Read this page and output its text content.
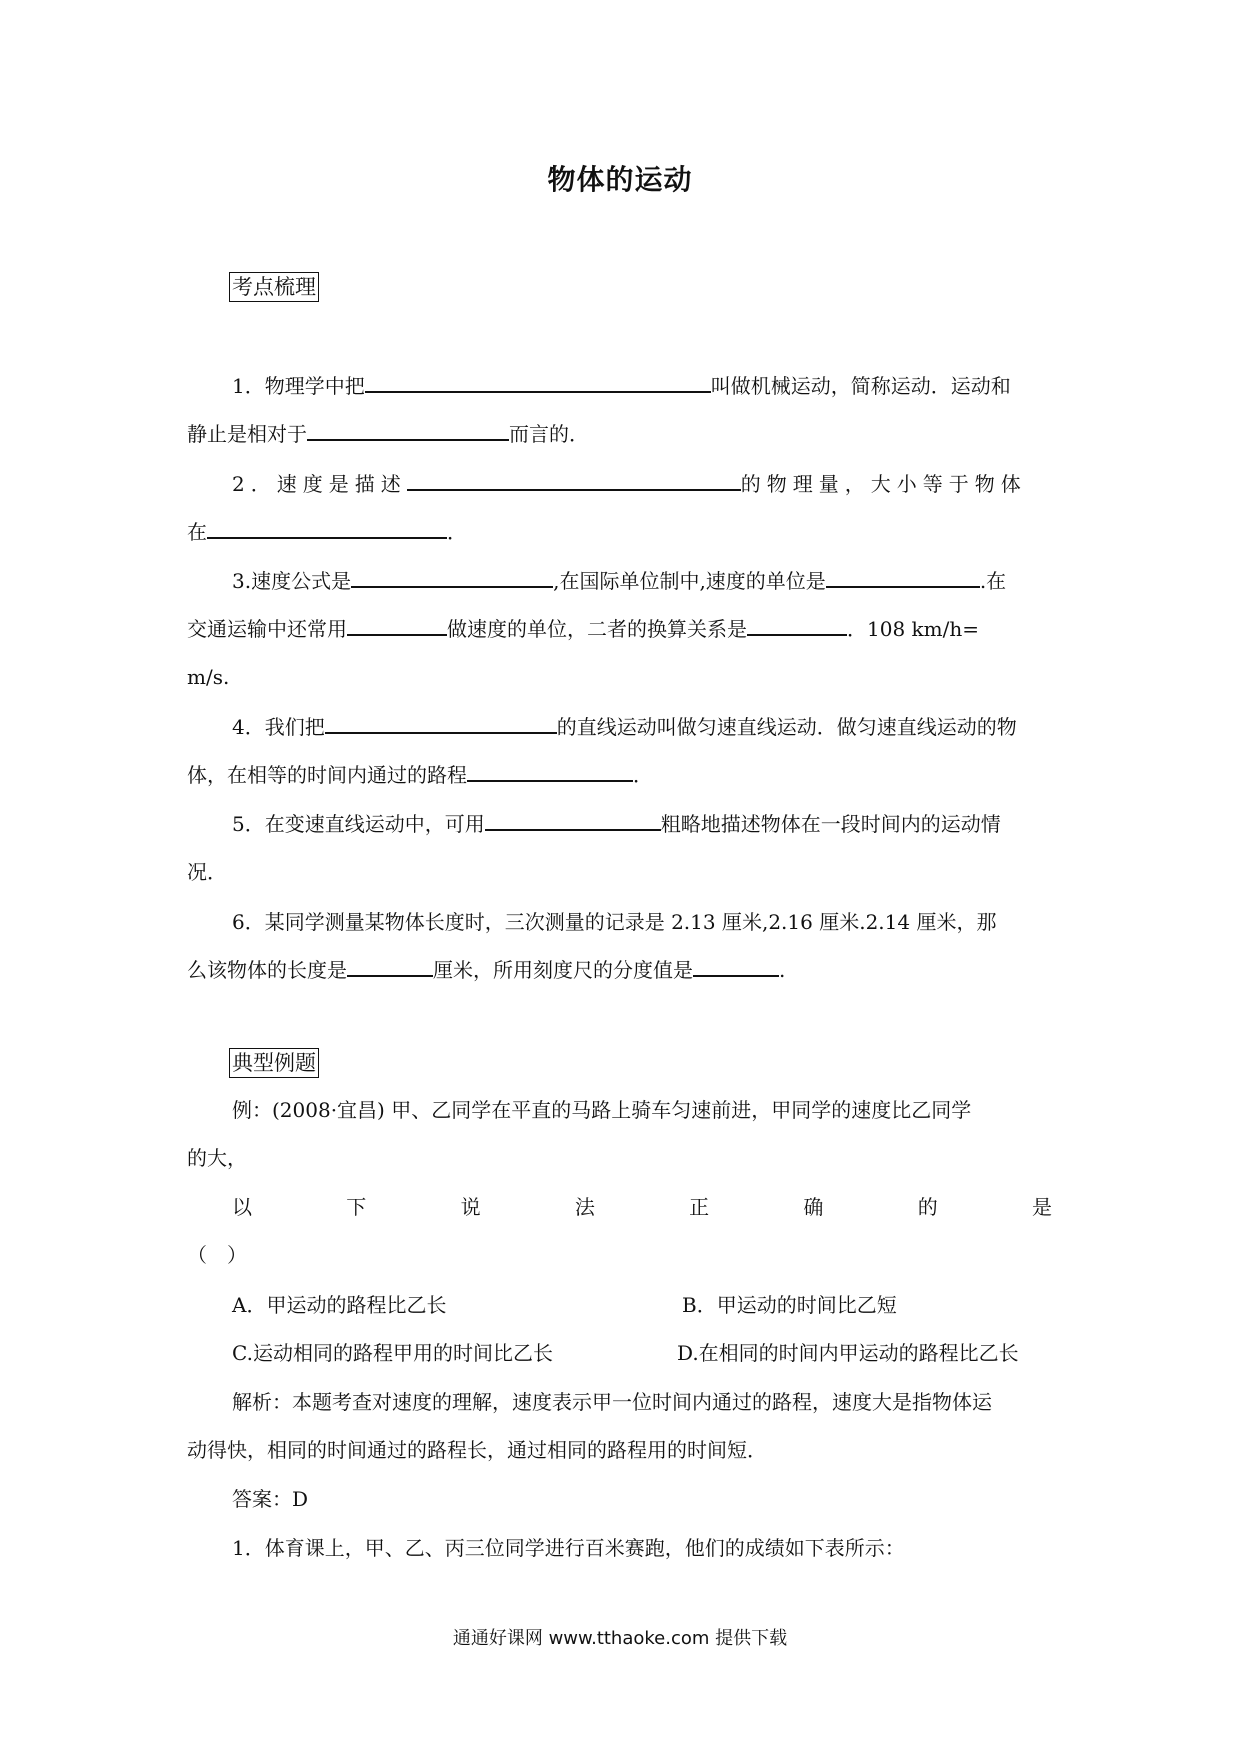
物体的运动
考点梳理
1．物理学中把	叫做机械运动，简称运动．运动和
静止是相对于	而言的．
2．速度是描述	的物理量，大小等于物体
在	．
3.速度公式是	,在国际单位制中,速度的单位是	.在
交通运输中还常用	做速度的单位，二者的换算关系是	．108 km/h=
m/s.
4．我们把	的直线运动叫做匀速直线运动．做匀速直线运动的物
体，在相等的时间内通过的路程	．
5．在变速直线运动中，可用	粗略地描述物体在一段时间内的运动情
况．
6．某同学测量某物体长度时，三次测量的记录是 2.13 厘米,2.16 厘米.2.14 厘米，那
么该物体的长度是	厘米，所用刻度尺的分度值是	.
典型例题
例：(2008·宜昌) 甲、乙同学在平直的马路上骑车匀速前进，甲同学的速度比乙同学
的大，
以	下	说	法	正	确	的	是
（　）
A．甲运动的路程比乙长	B．甲运动的时间比乙短
C.运动相同的路程甲用的时间比乙长	D.在相同的时间内甲运动的路程比乙长
解析：本题考查对速度的理解，速度表示甲一位时间内通过的路程，速度大是指物体运
动得快，相同的时间通过的路程长，通过相同的路程用的时间短．
答案：D
1．体育课上，甲、乙、丙三位同学进行百米赛跑，他们的成绩如下表所示：
通通好课网 www.tthaoke.com 提供下载
